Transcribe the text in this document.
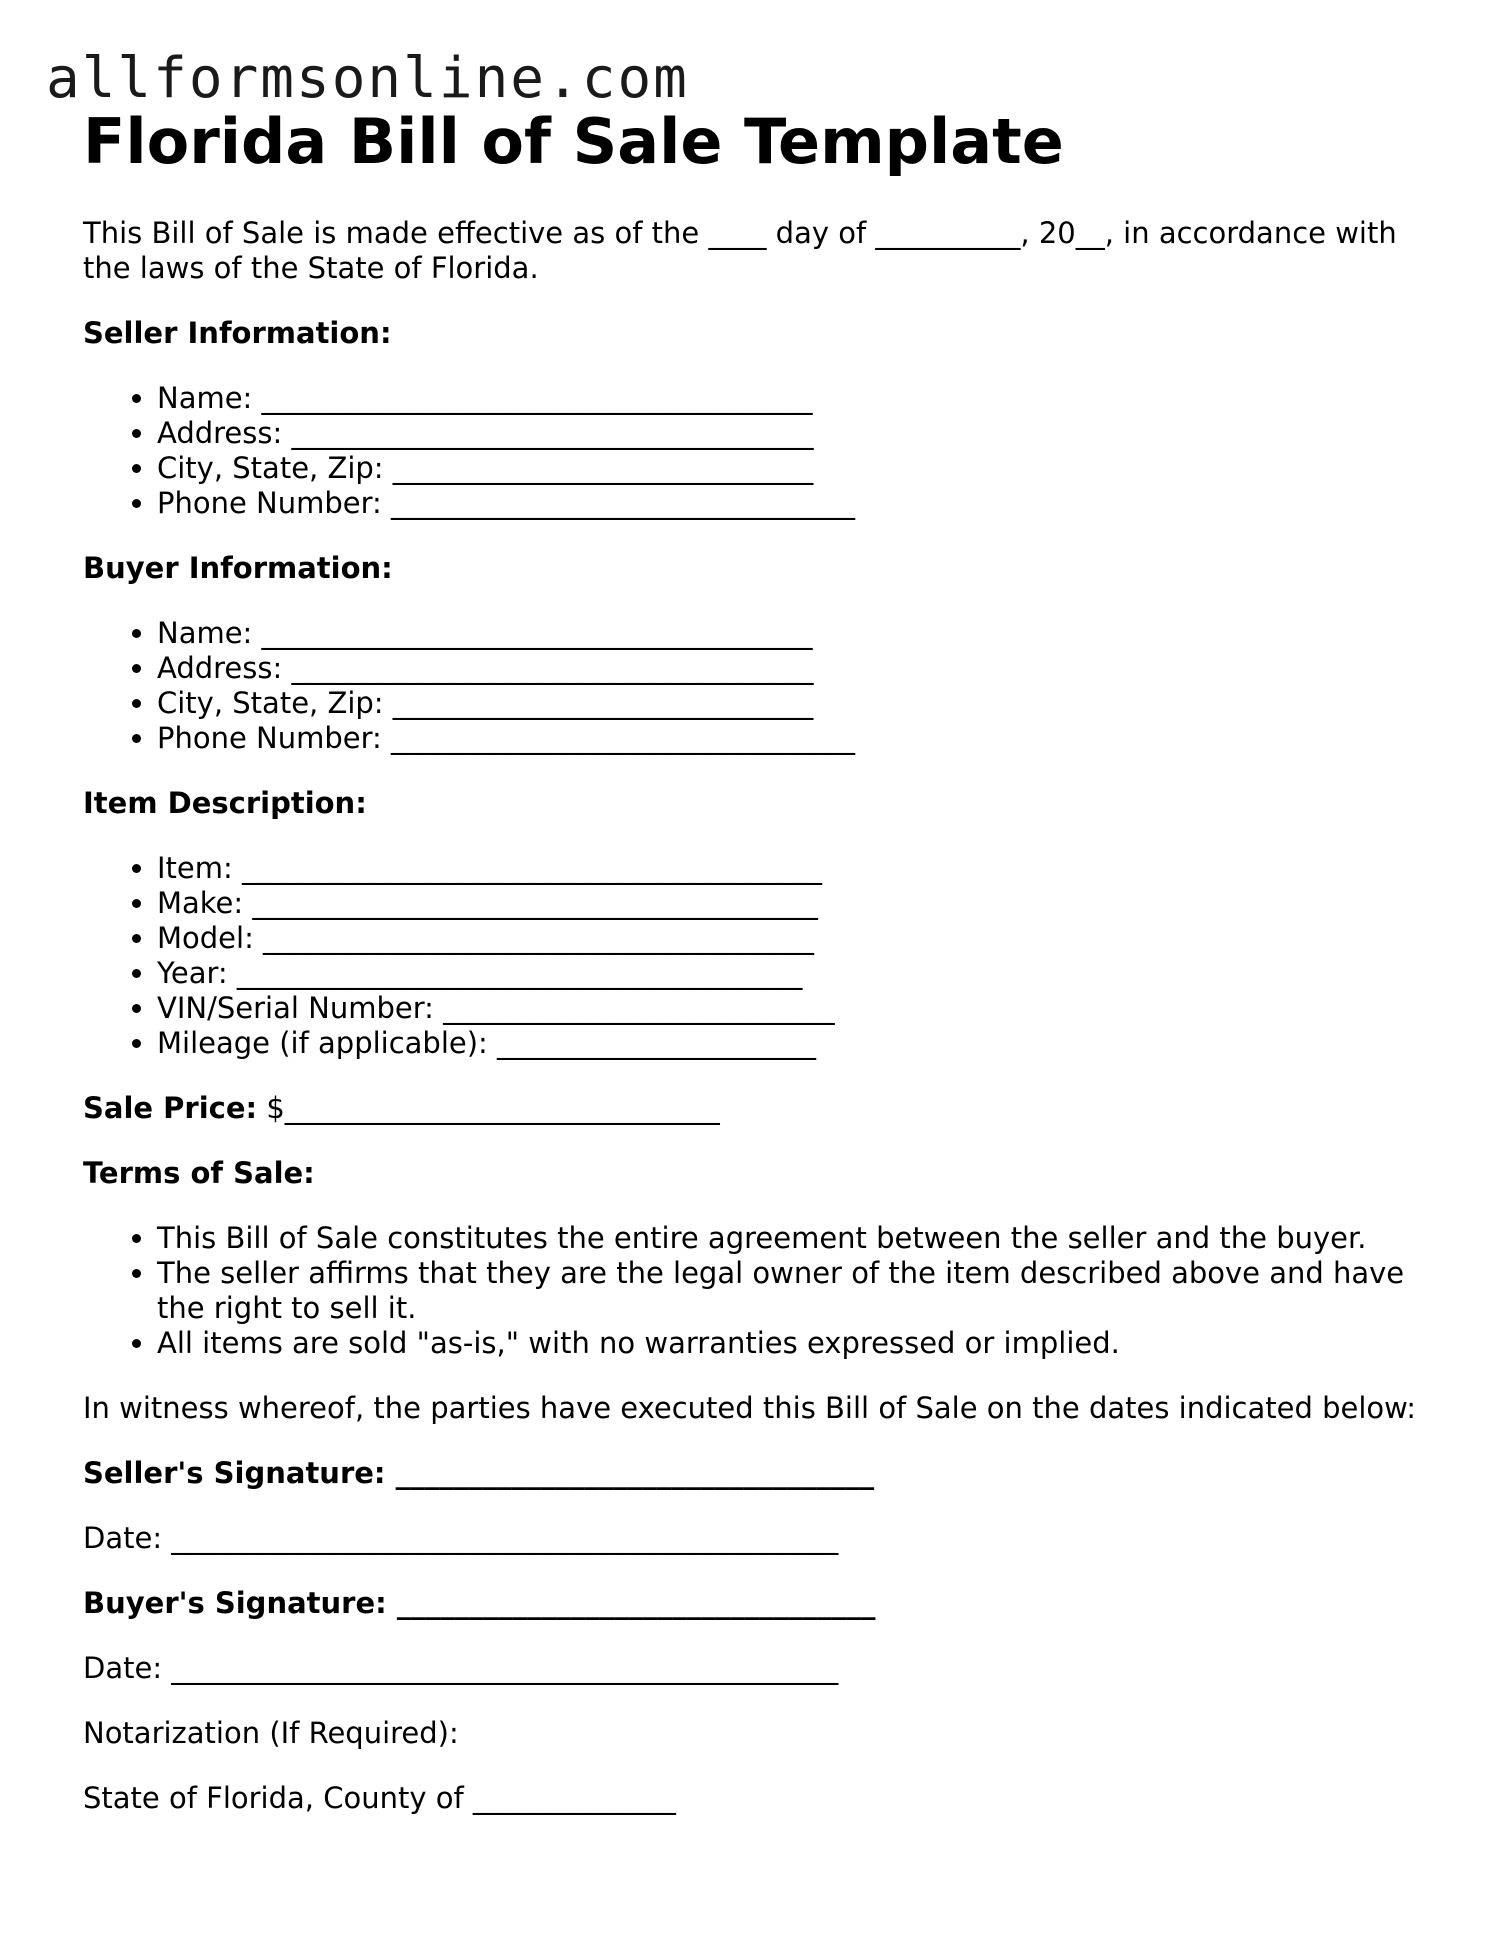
allformsonline.com
Florida Bill of Sale Template

This Bill of Sale is made effective as of the ____ day of __________, 20__, in accordance with the laws of the State of Florida.

Seller Information:

• Name: ______________________________________
• Address: ____________________________________
• City, State, Zip: _____________________________
• Phone Number: ________________________________

Buyer Information:

• Name: ______________________________________
• Address: ____________________________________
• City, State, Zip: _____________________________
• Phone Number: ________________________________

Item Description:

• Item: ________________________________________
• Make: _______________________________________
• Model: ______________________________________
• Year: _______________________________________
• VIN/Serial Number: ___________________________
• Mileage (if applicable): ______________________

Sale Price: $______________________________

Terms of Sale:

• This Bill of Sale constitutes the entire agreement between the seller and the buyer.
• The seller affirms that they are the legal owner of the item described above and have the right to sell it.
• All items are sold "as-is," with no warranties expressed or implied.

In witness whereof, the parties have executed this Bill of Sale on the dates indicated below:

Seller's Signature: _________________________________

Date: ______________________________________________

Buyer's Signature: _________________________________

Date: ______________________________________________

Notarization (If Required):

State of Florida, County of ______________
